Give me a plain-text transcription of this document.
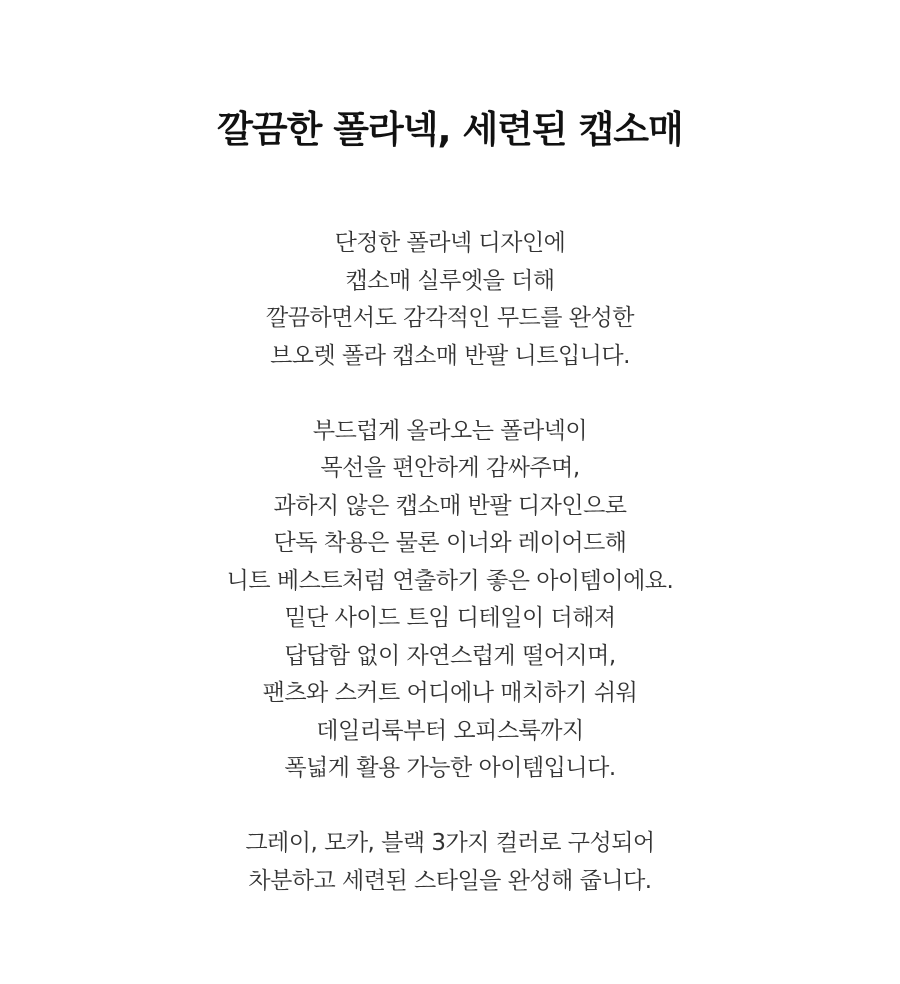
깔끔한 폴라넥, 세련된 캡소매
단정한 폴라넥 디자인에
캡소매 실루엣을 더해
깔끔하면서도 감각적인 무드를 완성한
브오렛 폴라 캡소매 반팔 니트입니다.
부드럽게 올라오는 폴라넥이
목선을 편안하게 감싸주며,
과하지 않은 캡소매 반팔 디자인으로
단독 착용은 물론 이너와 레이어드해
니트 베스트처럼 연출하기 좋은 아이템이에요.
밑단 사이드 트임 디테일이 더해져
답답함 없이 자연스럽게 떨어지며,
팬츠와 스커트 어디에나 매치하기 쉬워
데일리룩부터 오피스룩까지
폭넓게 활용 가능한 아이템입니다.
그레이, 모카, 블랙 3가지 컬러로 구성되어
차분하고 세련된 스타일을 완성해 줍니다.
